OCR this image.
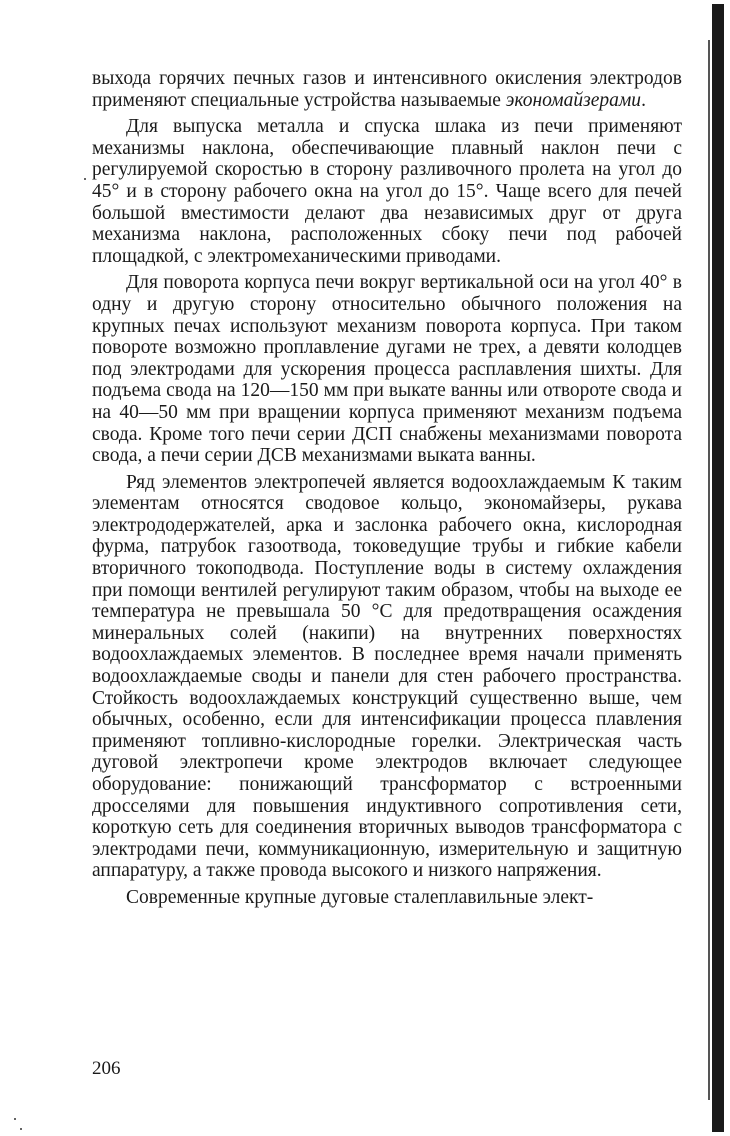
выхода горячих печных газов и интенсивного окисления электродов применяют специальные устройства называемые экономайзерами.

Для выпуска металла и спуска шлака из печи применяют механизмы наклона, обеспечивающие плавный наклон печи с регулируемой скоростью в сторону разливочного пролета на угол до 45° и в сторону рабочего окна на угол до 15°. Чаще всего для печей большой вместимости делают два независимых друг от друга механизма наклона, расположенных сбоку печи под рабочей площадкой, с электромеханическими приводами.

Для поворота корпуса печи вокруг вертикальной оси на угол 40° в одну и другую сторону относительно обычного положения на крупных печах используют механизм поворота корпуса. При таком повороте возможно проплавление дугами не трех, а девяти колодцев под электродами для ускорения процесса расплавления шихты. Для подъема свода на 120—150 мм при выкате ванны или отвороте свода и на 40—50 мм при вращении корпуса применяют механизм подъема свода. Кроме того печи серии ДСП снабжены механизмами поворота свода, а печи серии ДСВ механизмами выката ванны.

Ряд элементов электропечей является водоохлаждаемым К таким элементам относятся сводовое кольцо, экономайзеры, рукава электрододержателей, арка и заслонка рабочего окна, кислородная фурма, патрубок газоотвода, токоведущие трубы и гибкие кабели вторичного токоподвода. Поступление воды в систему охлаждения при помощи вентилей регулируют таким образом, чтобы на выходе ее температура не превышала 50 °С для предотвращения осаждения минеральных солей (накипи) на внутренних поверхностях водоохлаждаемых элементов. В последнее время начали применять водоохлаждаемые своды и панели для стен рабочего пространства. Стойкость водоохлаждаемых конструкций существенно выше, чем обычных, особенно, если для интенсификации процесса плавления применяют топливно-кислородные горелки. Электрическая часть дуговой электропечи кроме электродов включает следующее оборудование: понижающий трансформатор с встроенными дросселями для повышения индуктивного сопротивления сети, короткую сеть для соединения вторичных выводов трансформатора с электродами печи, коммуникационную, измерительную и защитную аппаратуру, а также провода высокого и низкого напряжения.

Современные крупные дуговые сталеплавильные элект-

206
